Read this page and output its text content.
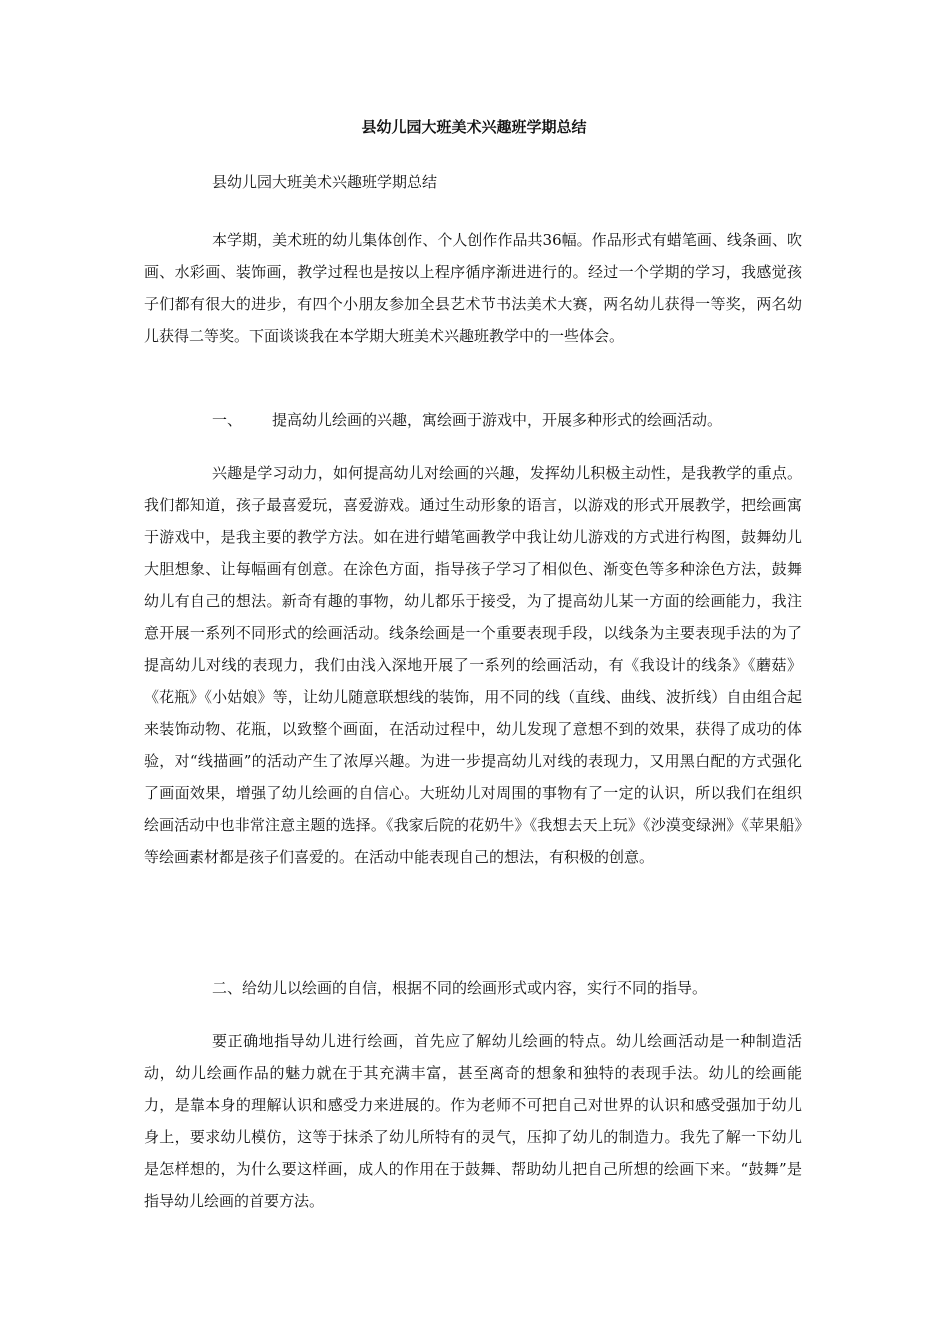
县幼儿园大班美术兴趣班学期总结

县幼儿园大班美术兴趣班学期总结

本学期，美术班的幼儿集体创作、个人创作作品共36幅。作品形式有蜡笔画、线条画、吹画、水彩画、装饰画，教学过程也是按以上程序循序渐进进行的。经过一个学期的学习，我感觉孩子们都有很大的进步，有四个小朋友参加全县艺术节书法美术大赛，两名幼儿获得一等奖，两名幼儿获得二等奖。下面谈谈我在本学期大班美术兴趣班教学中的一些体会。

一、 提高幼儿绘画的兴趣，寓绘画于游戏中，开展多种形式的绘画活动。

兴趣是学习动力，如何提高幼儿对绘画的兴趣，发挥幼儿积极主动性，是我教学的重点。我们都知道，孩子最喜爱玩，喜爱游戏。通过生动形象的语言，以游戏的形式开展教学，把绘画寓于游戏中，是我主要的教学方法。如在进行蜡笔画教学中我让幼儿游戏的方式进行构图，鼓舞幼儿大胆想象、让每幅画有创意。在涂色方面，指导孩子学习了相似色、渐变色等多种涂色方法，鼓舞幼儿有自己的想法。新奇有趣的事物，幼儿都乐于接受，为了提高幼儿某一方面的绘画能力，我注意开展一系列不同形式的绘画活动。线条绘画是一个重要表现手段，以线条为主要表现手法的为了提高幼儿对线的表现力，我们由浅入深地开展了一系列的绘画活动，有《我设计的线条》《蘑菇》《花瓶》《小姑娘》等，让幼儿随意联想线的装饰，用不同的线（直线、曲线、波折线）自由组合起来装饰动物、花瓶，以致整个画面，在活动过程中，幼儿发现了意想不到的效果，获得了成功的体验，对“线描画”的活动产生了浓厚兴趣。为进一步提高幼儿对线的表现力，又用黑白配的方式强化了画面效果，增强了幼儿绘画的自信心。大班幼儿对周围的事物有了一定的认识，所以我们在组织绘画活动中也非常注意主题的选择。《我家后院的花奶牛》《我想去天上玩》《沙漠变绿洲》《苹果船》等绘画素材都是孩子们喜爱的。在活动中能表现自己的想法，有积极的创意。

二、给幼儿以绘画的自信，根据不同的绘画形式或内容，实行不同的指导。

要正确地指导幼儿进行绘画，首先应了解幼儿绘画的特点。幼儿绘画活动是一种制造活动，幼儿绘画作品的魅力就在于其充满丰富，甚至离奇的想象和独特的表现手法。幼儿的绘画能力，是靠本身的理解认识和感受力来进展的。作为老师不可把自己对世界的认识和感受强加于幼儿身上，要求幼儿模仿，这等于抹杀了幼儿所特有的灵气，压抑了幼儿的制造力。我先了解一下幼儿是怎样想的，为什么要这样画，成人的作用在于鼓舞、帮助幼儿把自己所想的绘画下来。“鼓舞”是指导幼儿绘画的首要方法。
